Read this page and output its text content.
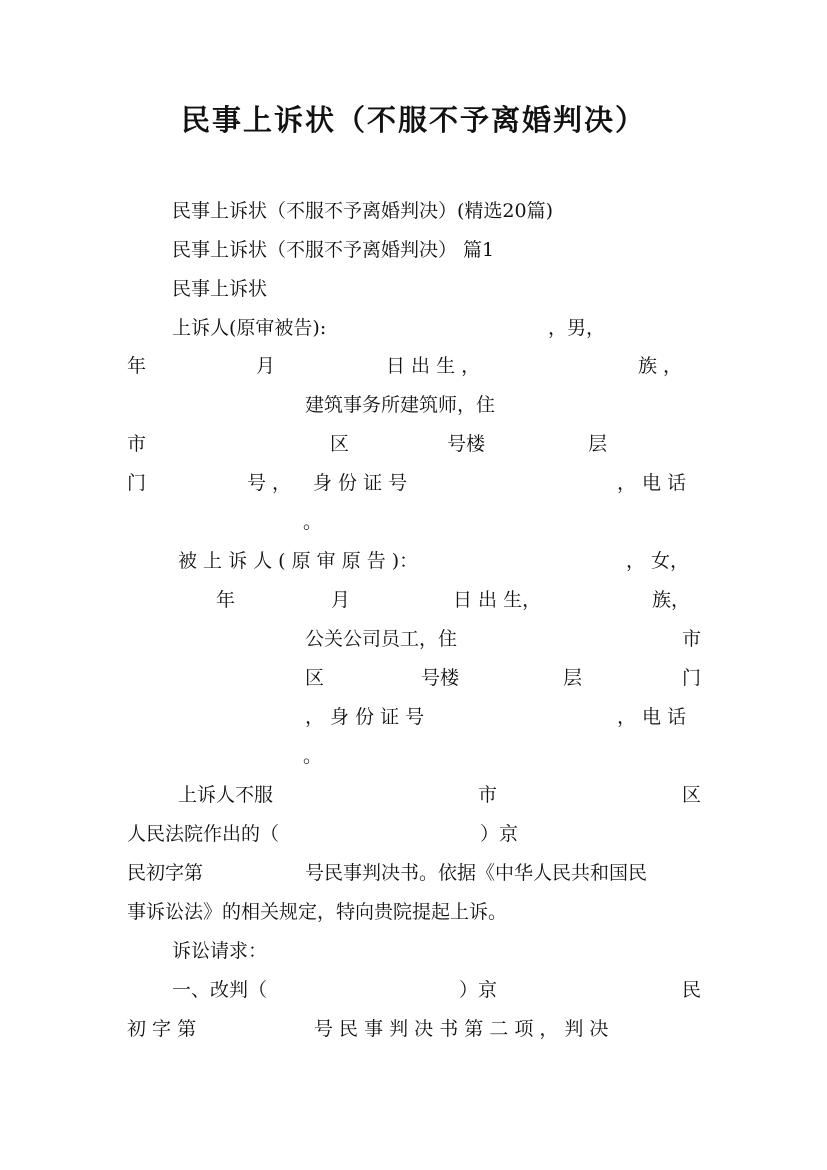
民事上诉状（不服不予离婚判决）
民事上诉状（不服不予离婚判决）(精选20篇)
民事上诉状（不服不予离婚判决） 篇1
民事上诉状
上诉人(原审被告):	，男，
年	月	日 出 生 ，	族 ，
建筑事务所建筑师，住
市	区	号楼	层
门	号 ， 身 份 证 号	， 电 话
。
被 上 诉 人 ( 原 审 原 告 )：	， 女，
年	月	日 出 生，	族，
公关公司员工，住	市
区	号楼	层	门
， 身 份 证 号	， 电 话
。
上诉人不服	市	区
人民法院作出的（	）京
民初字第	号民事判决书。依据《中华人民共和国民
事诉讼法》的相关规定，特向贵院提起上诉。
诉讼请求：
一、改判（	）京	民
初 字 第	号 民 事 判 决 书 第 二 项 ， 判 决
